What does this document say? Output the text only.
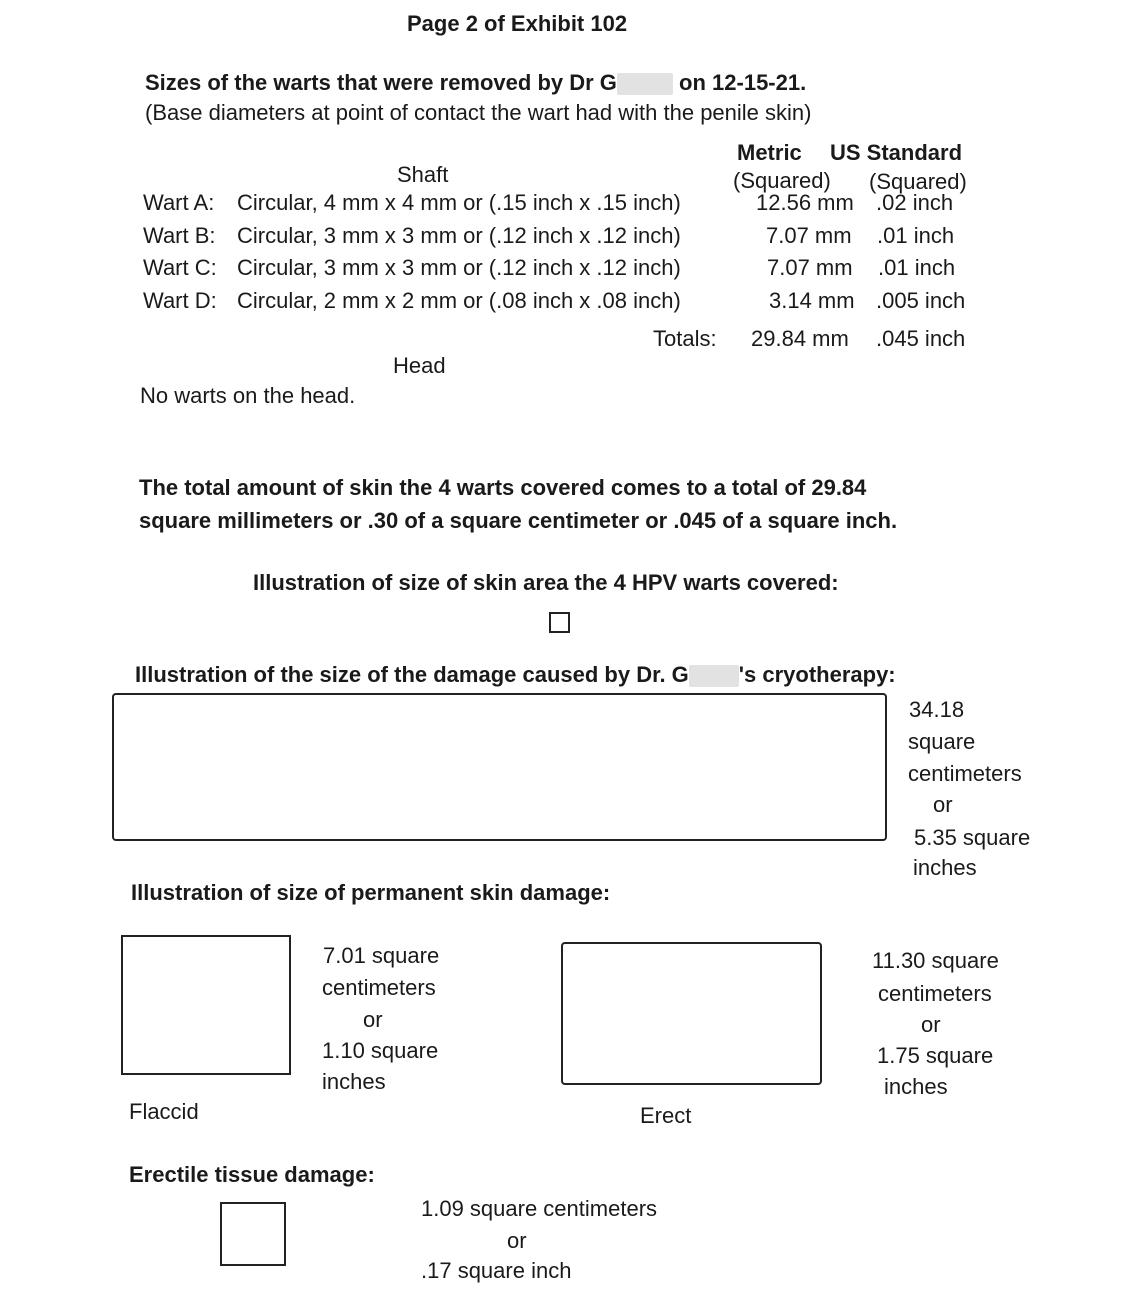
Page 2 of Exhibit 102
Sizes of the warts that were removed by Dr G	on 12-15-21.
(Base diameters at point of contact the wart had with the penile skin)
Shaft
Metric US Standard
(Squared) (Squared)
Wart A: Circular, 4 mm x 4 mm or (.15 inch x .15 inch)	12.56 mm .02 inch
Wart B: Circular, 3 mm x 3 mm or (.12 inch x .12 inch)	7.07 mm .01 inch
Wart C: Circular, 3 mm x 3 mm or (.12 inch x .12 inch)	7.07 mm .01 inch
Wart D: Circular, 2 mm x 2 mm or (.08 inch x .08 inch)	3.14 mm .005 inch
Totals: 29.84 mm .045 inch
Head
No warts on the head.
The total amount of skin the 4 warts covered comes to a total of 29.84
square millimeters or .30 of a square centimeter or .045 of a square inch.
Illustration of size of skin area the 4 HPV warts covered:
Illustration of the size of the damage caused by Dr. G 's cryotherapy:
34.18
square
centimeters
or
5.35 square
inches
Illustration of size of permanent skin damage:
7.01 square
centimeters
or
1.10 square
inches
Flaccid
11.30 square
centimeters
or
1.75 square
inches
Erect
Erectile tissue damage:
1.09 square centimeters
or
.17 square inch
